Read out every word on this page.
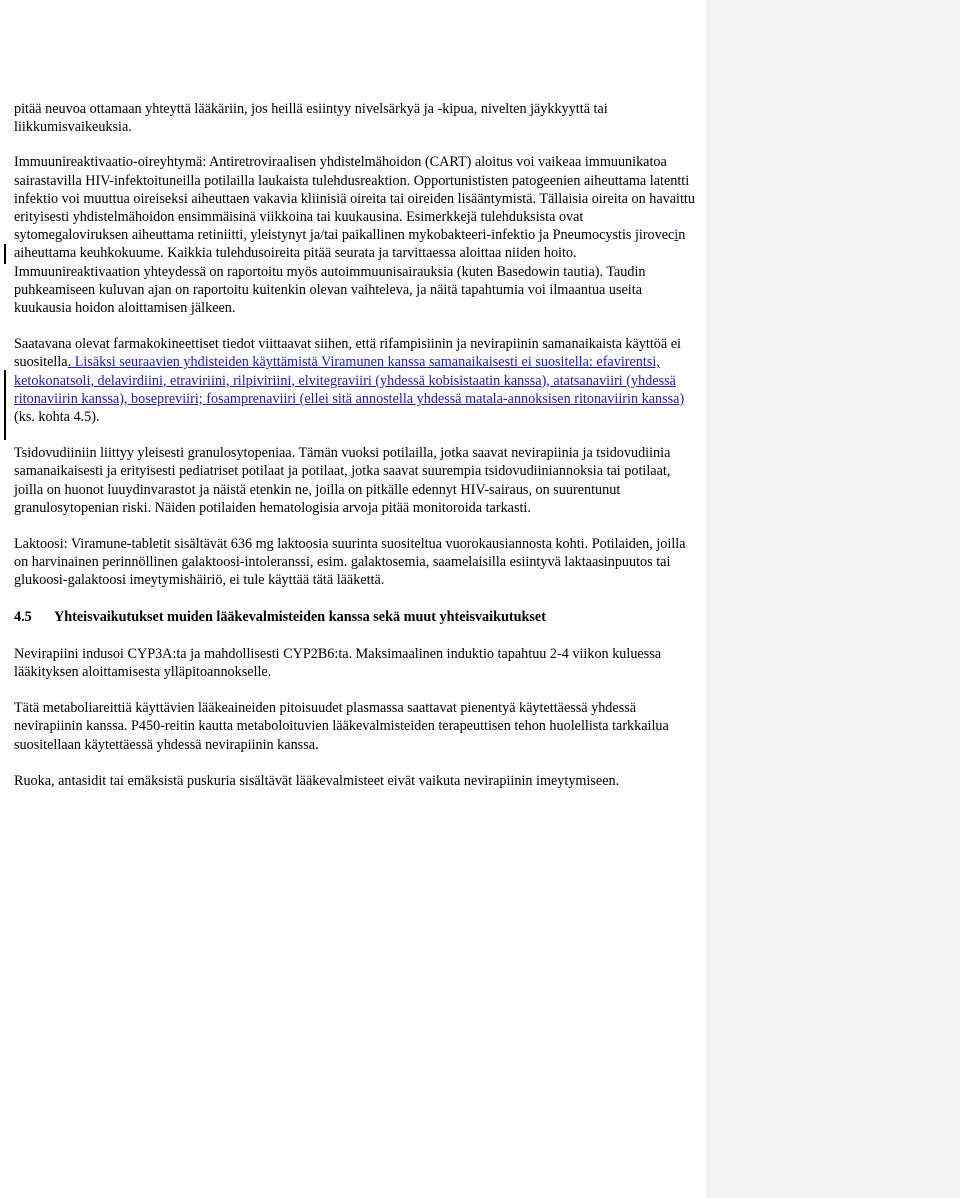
pitää neuvoa ottamaan yhteyttä lääkäriin, jos heillä esiintyy nivelsärkyä ja -kipua, nivelten jäykkyyttä tai liikkumisvaikeuksia.

Immuunireaktivaatio-oireyhtymä: Antiretroviraalisen yhdistelmähoidon (CART) aloitus voi vaikeaa immuunikatoa sairastavilla HIV-infektoituneilla potilailla laukaista tulehdusreaktion. Opportunististen patogeenien aiheuttama latentti infektio voi muuttua oireiseksi aiheuttaen vakavia kliinisiä oireita tai oireiden lisääntymistä. Tällaisia oireita on havaittu erityisesti yhdistelmähoidon ensimmäisinä viikkoina tai kuukausina. Esimerkkejä tulehduksista ovat sytomegaloviruksen aiheuttama retiniitti, yleistynyt ja/tai paikallinen mykobakteeri-infektio ja Pneumocystis jirovecin aiheuttama keuhkokuume. Kaikkia tulehdusoireita pitää seurata ja tarvittaessa aloittaa niiden hoito. Immuunireaktivaation yhteydessä on raportoitu myös autoimmuunisairauksia (kuten Basedowin tautia). Taudin puhkeamiseen kuluvan ajan on raportoitu kuitenkin olevan vaihteleva, ja näitä tapahtumia voi ilmaantua useita kuukausia hoidon aloittamisen jälkeen.

Saatavana olevat farmakokineettiset tiedot viittaavat siihen, että rifampisiinin ja nevirapiinin samanaikaista käyttöä ei suositella. Lisäksi seuraavien yhdisteiden käyttämistä Viramunen kanssa samanaikaisesti ei suositella: efavirentsi, ketokonatsoli, delavirdiini, etraviriini, rilpiviriini, elvitegraviiri (yhdessä kobisistaatin kanssa), atatsanaviiri (yhdessä ritonaviirin kanssa), bosepreviiri; fosamprenaviiri (ellei sitä annostella yhdessä matala-annoksisen ritonaviirin kanssa) (ks. kohta 4.5).

Tsidovudiiniin liittyy yleisesti granulosytopeniaa. Tämän vuoksi potilailla, jotka saavat nevirapiinia ja tsidovudiinia samanaikaisesti ja erityisesti pediatriset potilaat ja potilaat, jotka saavat suurempia tsidovudiiniannoksia tai potilaat, joilla on huonot luuydinvarastot ja näistä etenkin ne, joilla on pitkälle edennyt HIV-sairaus, on suurentunut granulosytopenian riski. Näiden potilaiden hematologisia arvoja pitää monitoroida tarkasti.

Laktoosi: Viramune-tabletit sisältävät 636 mg laktoosia suurinta suositeltua vuorokausiannosta kohti. Potilaiden, joilla on harvinainen perinnöllinen galaktoosi-intoleranssi, esim. galaktosemia, saamelaisilla esiintyvä laktaasinpuutos tai glukoosi-galaktoosi imeytymishäiriö, ei tule käyttää tätä lääkettä.

4.5 Yhteisvaikutukset muiden lääkevalmisteiden kanssa sekä muut yhteisvaikutukset

Nevirapiini indusoi CYP3A:ta ja mahdollisesti CYP2B6:ta. Maksimaalinen induktio tapahtuu 2-4 viikon kuluessa lääkityksen aloittamisesta ylläpitoannokselle.

Tätä metaboliareittiä käyttävien lääkeaineiden pitoisuudet plasmassa saattavat pienentyä käytettäessä yhdessä nevirapiinin kanssa. P450-reitin kautta metaboloituvien lääkevalmisteiden terapeuttisen tehon huolellista tarkkailua suositellaan käytettäessä yhdessä nevirapiinin kanssa.

Ruoka, antasidit tai emäksistä puskuria sisältävät lääkevalmisteet eivät vaikuta nevirapiinin imeytymiseen.
